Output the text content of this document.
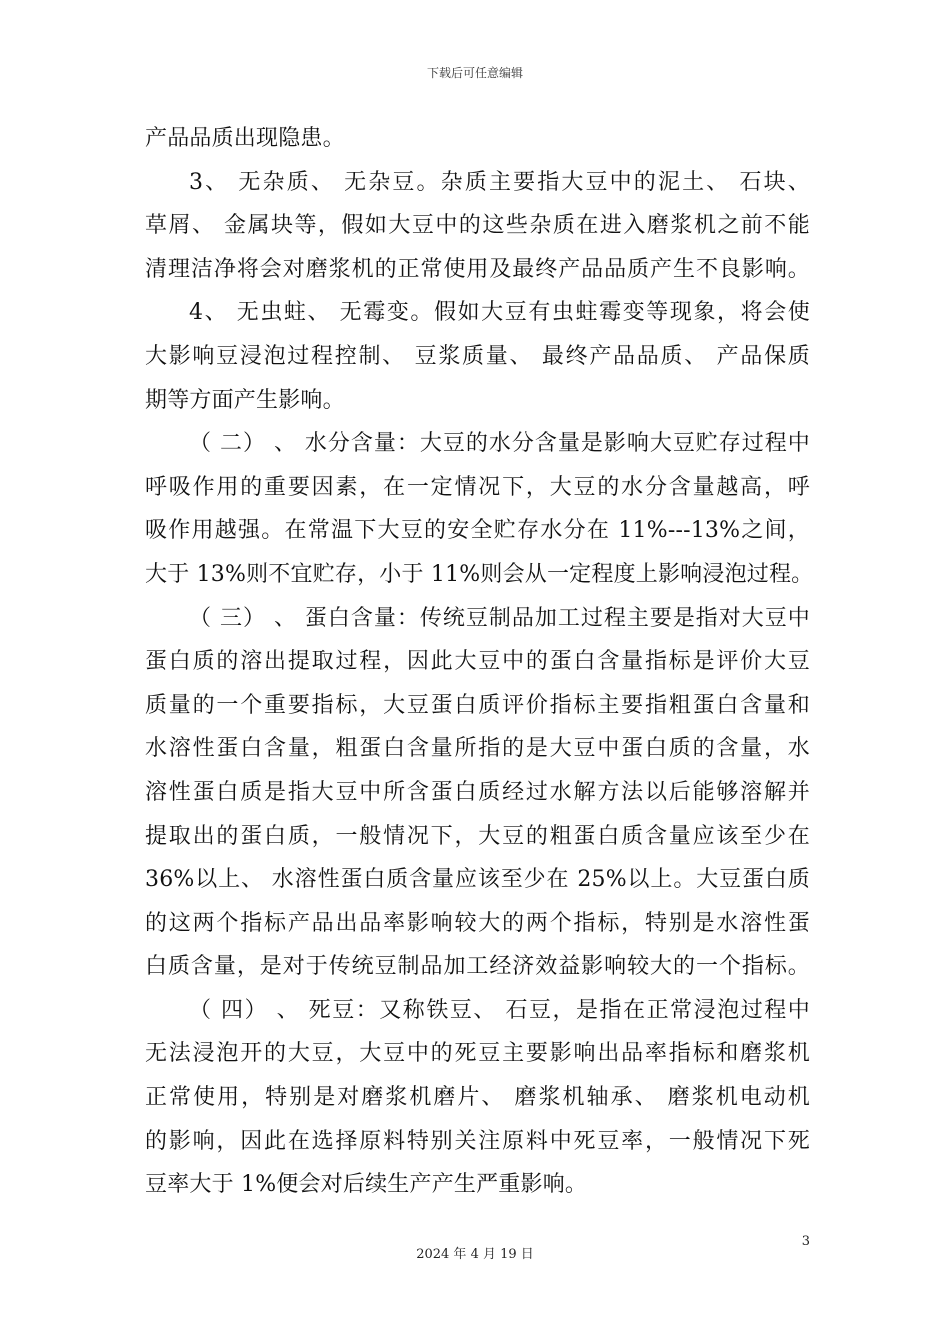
下载后可任意编辑
产品品质出现隐患。
3、 无杂质、 无杂豆。杂质主要指大豆中的泥土、 石块、
草屑、 金属块等，假如大豆中的这些杂质在进入磨浆机之前不能
清理洁净将会对磨浆机的正常使用及最终产品品质产生不良影响。
4、 无虫蛀、 无霉变。假如大豆有虫蛀霉变等现象，将会使
大影响豆浸泡过程控制、 豆浆质量、 最终产品品质、 产品保质
期等方面产生影响。
（ 二） 、 水分含量：大豆的水分含量是影响大豆贮存过程中
呼吸作用的重要因素，在一定情况下，大豆的水分含量越高，呼
吸作用越强。在常温下大豆的安全贮存水分在 11%---13%之间，
大于 13%则不宜贮存，小于 11%则会从一定程度上影响浸泡过程。
（ 三） 、 蛋白含量：传统豆制品加工过程主要是指对大豆中
蛋白质的溶出提取过程，因此大豆中的蛋白含量指标是评价大豆
质量的一个重要指标，大豆蛋白质评价指标主要指粗蛋白含量和
水溶性蛋白含量，粗蛋白含量所指的是大豆中蛋白质的含量，水
溶性蛋白质是指大豆中所含蛋白质经过水解方法以后能够溶解并
提取出的蛋白质，一般情况下，大豆的粗蛋白质含量应该至少在
36%以上、 水溶性蛋白质含量应该至少在 25%以上。大豆蛋白质
的这两个指标产品出品率影响较大的两个指标，特别是水溶性蛋
白质含量，是对于传统豆制品加工经济效益影响较大的一个指标。
（ 四） 、 死豆：又称铁豆、 石豆，是指在正常浸泡过程中
无法浸泡开的大豆，大豆中的死豆主要影响出品率指标和磨浆机
正常使用，特别是对磨浆机磨片、 磨浆机轴承、 磨浆机电动机
的影响，因此在选择原料特别关注原料中死豆率，一般情况下死
豆率大于 1%便会对后续生产产生严重影响。
3
2024 年 4 月 19 日
